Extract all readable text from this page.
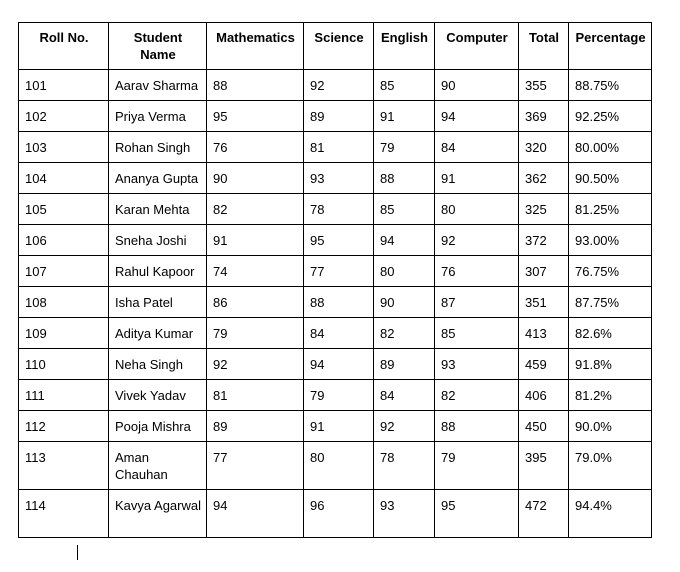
Roll No.	Student Name	Mathematics	Science	English	Computer	Total	Percentage
101	Aarav Sharma	88	92	85	90	355	88.75%
102	Priya Verma	95	89	91	94	369	92.25%
103	Rohan Singh	76	81	79	84	320	80.00%
104	Ananya Gupta	90	93	88	91	362	90.50%
105	Karan Mehta	82	78	85	80	325	81.25%
106	Sneha Joshi	91	95	94	92	372	93.00%
107	Rahul Kapoor	74	77	80	76	307	76.75%
108	Isha Patel	86	88	90	87	351	87.75%
109	Aditya Kumar	79	84	82	85	413	82.6%
110	Neha Singh	92	94	89	93	459	91.8%
111	Vivek Yadav	81	79	84	82	406	81.2%
112	Pooja Mishra	89	91	92	88	450	90.0%
113	Aman Chauhan	77	80	78	79	395	79.0%
114	Kavya Agarwal	94	96	93	95	472	94.4%
